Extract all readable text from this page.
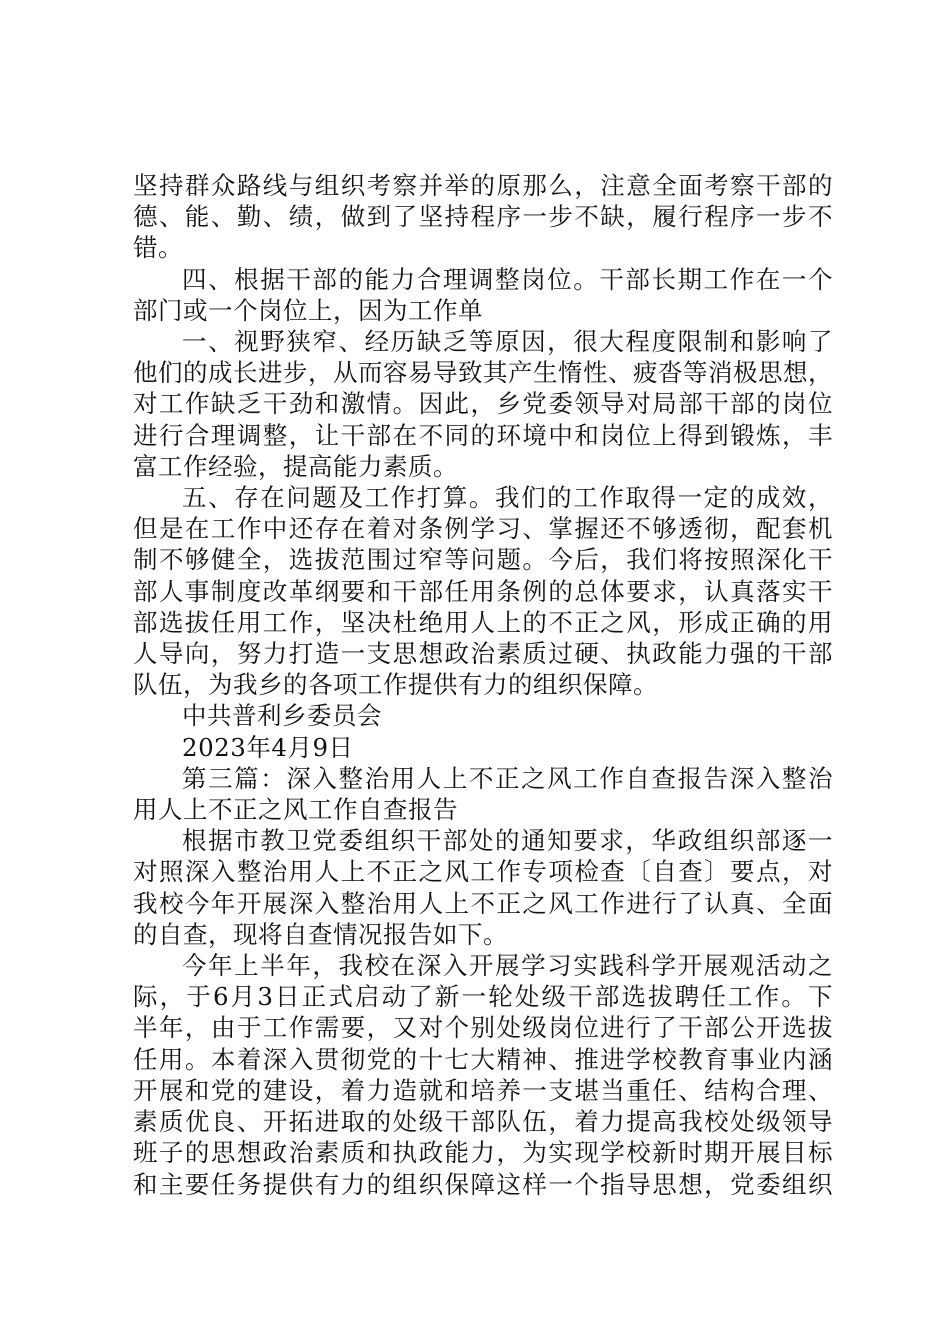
坚持群众路线与组织考察并举的原那么，注意全面考察干部的
德、能、勤、绩，做到了坚持程序一步不缺，履行程序一步不
错。

四、根据干部的能力合理调整岗位。干部长期工作在一个
部门或一个岗位上，因为工作单

一、视野狭窄、经历缺乏等原因，很大程度限制和影响了
他们的成长进步，从而容易导致其产生惰性、疲沓等消极思想，
对工作缺乏干劲和激情。因此，乡党委领导对局部干部的岗位
进行合理调整，让干部在不同的环境中和岗位上得到锻炼，丰
富工作经验，提高能力素质。

五、存在问题及工作打算。我们的工作取得一定的成效，
但是在工作中还存在着对条例学习、掌握还不够透彻，配套机
制不够健全，选拔范围过窄等问题。今后，我们将按照深化干
部人事制度改革纲要和干部任用条例的总体要求，认真落实干
部选拔任用工作，坚决杜绝用人上的不正之风，形成正确的用
人导向，努力打造一支思想政治素质过硬、执政能力强的干部
队伍，为我乡的各项工作提供有力的组织保障。

中共普利乡委员会

2023年4月9日

第三篇：深入整治用人上不正之风工作自查报告深入整治
用人上不正之风工作自查报告

根据市教卫党委组织干部处的通知要求，华政组织部逐一
对照深入整治用人上不正之风工作专项检查〔自查〕要点，对
我校今年开展深入整治用人上不正之风工作进行了认真、全面
的自查，现将自查情况报告如下。

今年上半年，我校在深入开展学习实践科学开展观活动之
际，于6月3日正式启动了新一轮处级干部选拔聘任工作。下
半年，由于工作需要，又对个别处级岗位进行了干部公开选拔
任用。本着深入贯彻党的十七大精神、推进学校教育事业内涵
开展和党的建设，着力造就和培养一支堪当重任、结构合理、
素质优良、开拓进取的处级干部队伍，着力提高我校处级领导
班子的思想政治素质和执政能力，为实现学校新时期开展目标
和主要任务提供有力的组织保障这样一个指导思想，党委组织
